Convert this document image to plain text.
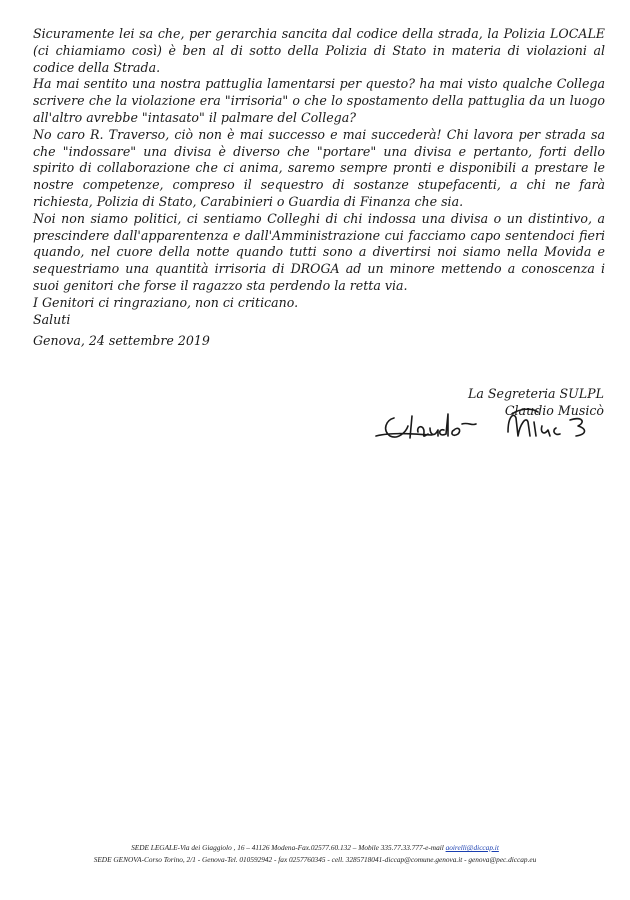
Sicuramente lei sa che, per gerarchia sancita dal codice della strada, la Polizia LOCALE (ci chiamiamo così) è ben al di sotto della Polizia di Stato in materia di violazioni al codice della Strada.

Ha mai sentito una nostra pattuglia lamentarsi per questo? ha mai visto qualche Collega scrivere che la violazione era "irrisoria" o che lo spostamento della pattuglia da un luogo all'altro avrebbe "intasato" il palmare del Collega?

No caro R. Traverso, ciò non è mai successo e mai succederà! Chi lavora per strada sa che "indossare" una divisa è diverso che "portare" una divisa e pertanto, forti dello spirito di collaborazione che ci anima, saremo sempre pronti e disponibili a prestare le nostre competenze, compreso il sequestro di sostanze stupefacenti, a chi ne farà richiesta, Polizia di Stato, Carabinieri o Guardia di Finanza che sia.

Noi non siamo politici, ci sentiamo Colleghi di chi indossa una divisa o un distintivo, a prescindere dall'apparentenza e dall'Amministrazione cui facciamo capo sentendoci fieri quando, nel cuore della notte quando tutti sono a divertirsi noi siamo nella Movida e sequestriamo una quantità irrisoria di DROGA ad un minore mettendo a conoscenza i suoi genitori che forse il ragazzo sta perdendo la retta via.

I Genitori ci ringraziano, non ci criticano.

Saluti

Genova, 24 settembre 2019

La Segreteria SULPL
Claudio Musicò
SEDE LEGALE-Via dei Giaggiolo , 16 – 41126 Modena-Fax.02577.60.132 – Mobile 335.77.33.777-e-mail aoirelli@diccap.it
SEDE GENOVA-Corso Torino, 2/1 - Genova-Tel. 010592942 - fax 0257760345 - cell. 3285718041-diccap@comune.genova.it - genova@pec.diccap.eu
